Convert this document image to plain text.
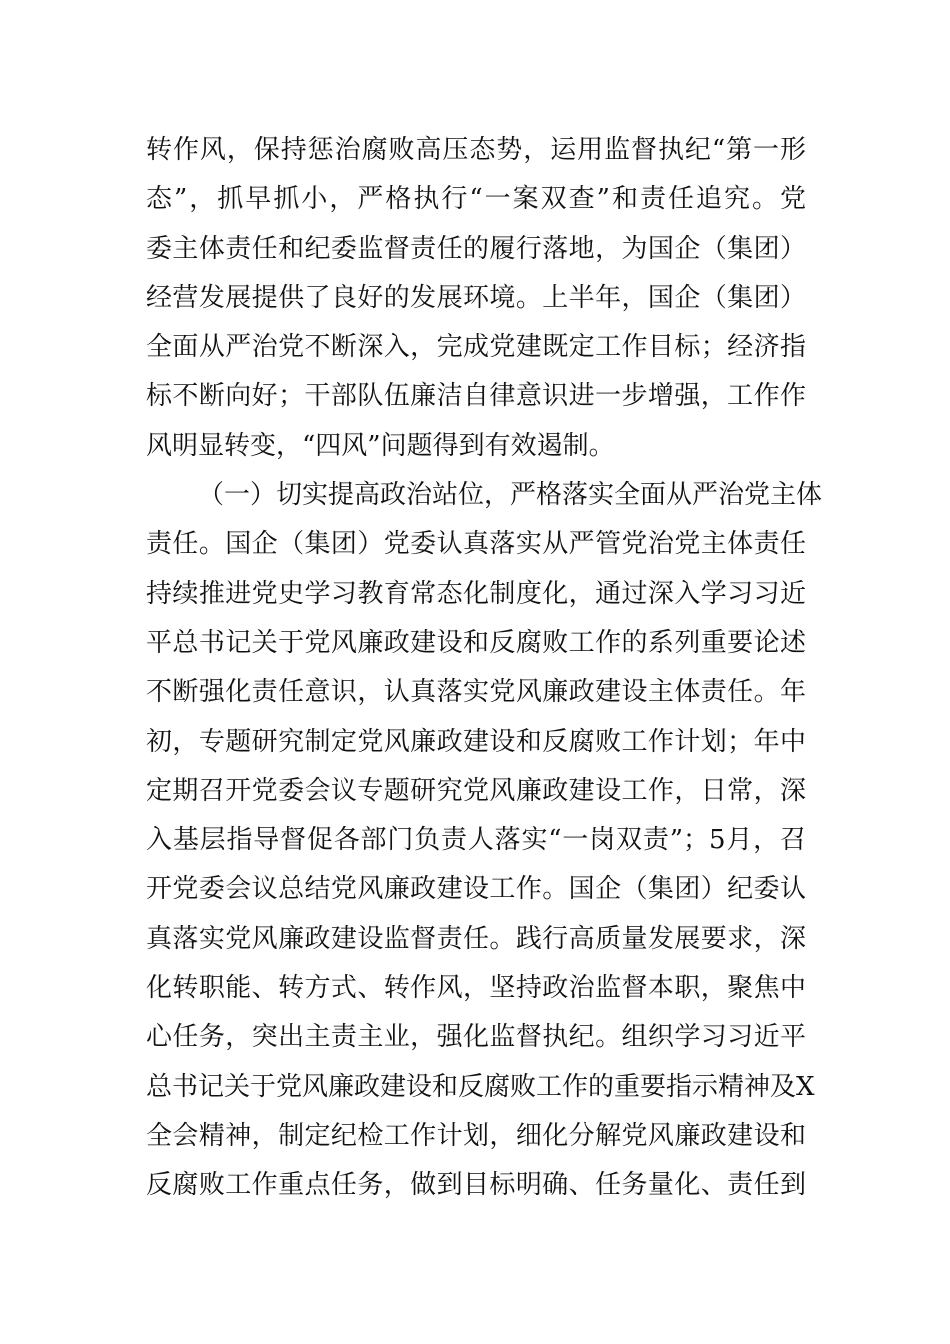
转作风，保持惩治腐败高压态势，运用监督执纪“第一形
态”，抓早抓小，严格执行“一案双查”和责任追究。党
委主体责任和纪委监督责任的履行落地，为国企（集团）
经营发展提供了良好的发展环境。上半年，国企（集团）
全面从严治党不断深入，完成党建既定工作目标；经济指
标不断向好；干部队伍廉洁自律意识进一步增强，工作作
风明显转变，“四风”问题得到有效遏制。
（一）切实提高政治站位，严格落实全面从严治党主体
责任。国企（集团）党委认真落实从严管党治党主体责任
持续推进党史学习教育常态化制度化，通过深入学习习近
平总书记关于党风廉政建设和反腐败工作的系列重要论述
不断强化责任意识，认真落实党风廉政建设主体责任。年
初，专题研究制定党风廉政建设和反腐败工作计划；年中
定期召开党委会议专题研究党风廉政建设工作，日常，深
入基层指导督促各部门负责人落实“一岗双责”；5月，召
开党委会议总结党风廉政建设工作。国企（集团）纪委认
真落实党风廉政建设监督责任。践行高质量发展要求，深
化转职能、转方式、转作风，坚持政治监督本职，聚焦中
心任务，突出主责主业，强化监督执纪。组织学习习近平
总书记关于党风廉政建设和反腐败工作的重要指示精神及X
全会精神，制定纪检工作计划，细化分解党风廉政建设和
反腐败工作重点任务，做到目标明确、任务量化、责任到
